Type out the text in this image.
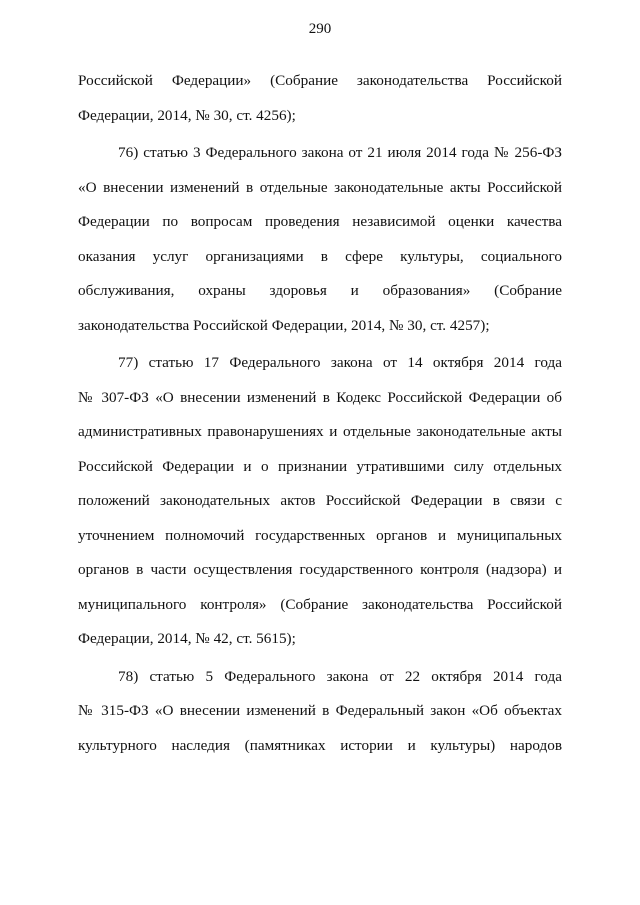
290
Российской Федерации» (Собрание законодательства Российской
Федерации, 2014, № 30, ст. 4256);
76) статью 3 Федерального закона от 21 июля 2014 года № 256-ФЗ
«О внесении изменений в отдельные законодательные акты Российской
Федерации по вопросам проведения независимой оценки качества
оказания услуг организациями в сфере культуры, социального
обслуживания, охраны здоровья и образования» (Собрание
законодательства Российской Федерации, 2014, № 30, ст. 4257);
77) статью 17 Федерального закона от 14 октября 2014 года
№ 307-ФЗ «О внесении изменений в Кодекс Российской Федерации об
административных правонарушениях и отдельные законодательные акты
Российской Федерации и о признании утратившими силу отдельных
положений законодательных актов Российской Федерации в связи с
уточнением полномочий государственных органов и муниципальных
органов в части осуществления государственного контроля (надзора) и
муниципального контроля» (Собрание законодательства Российской
Федерации, 2014, № 42, ст. 5615);
78) статью 5 Федерального закона от 22 октября 2014 года
№ 315-ФЗ «О внесении изменений в Федеральный закон «Об объектах
культурного наследия (памятниках истории и культуры) народов
